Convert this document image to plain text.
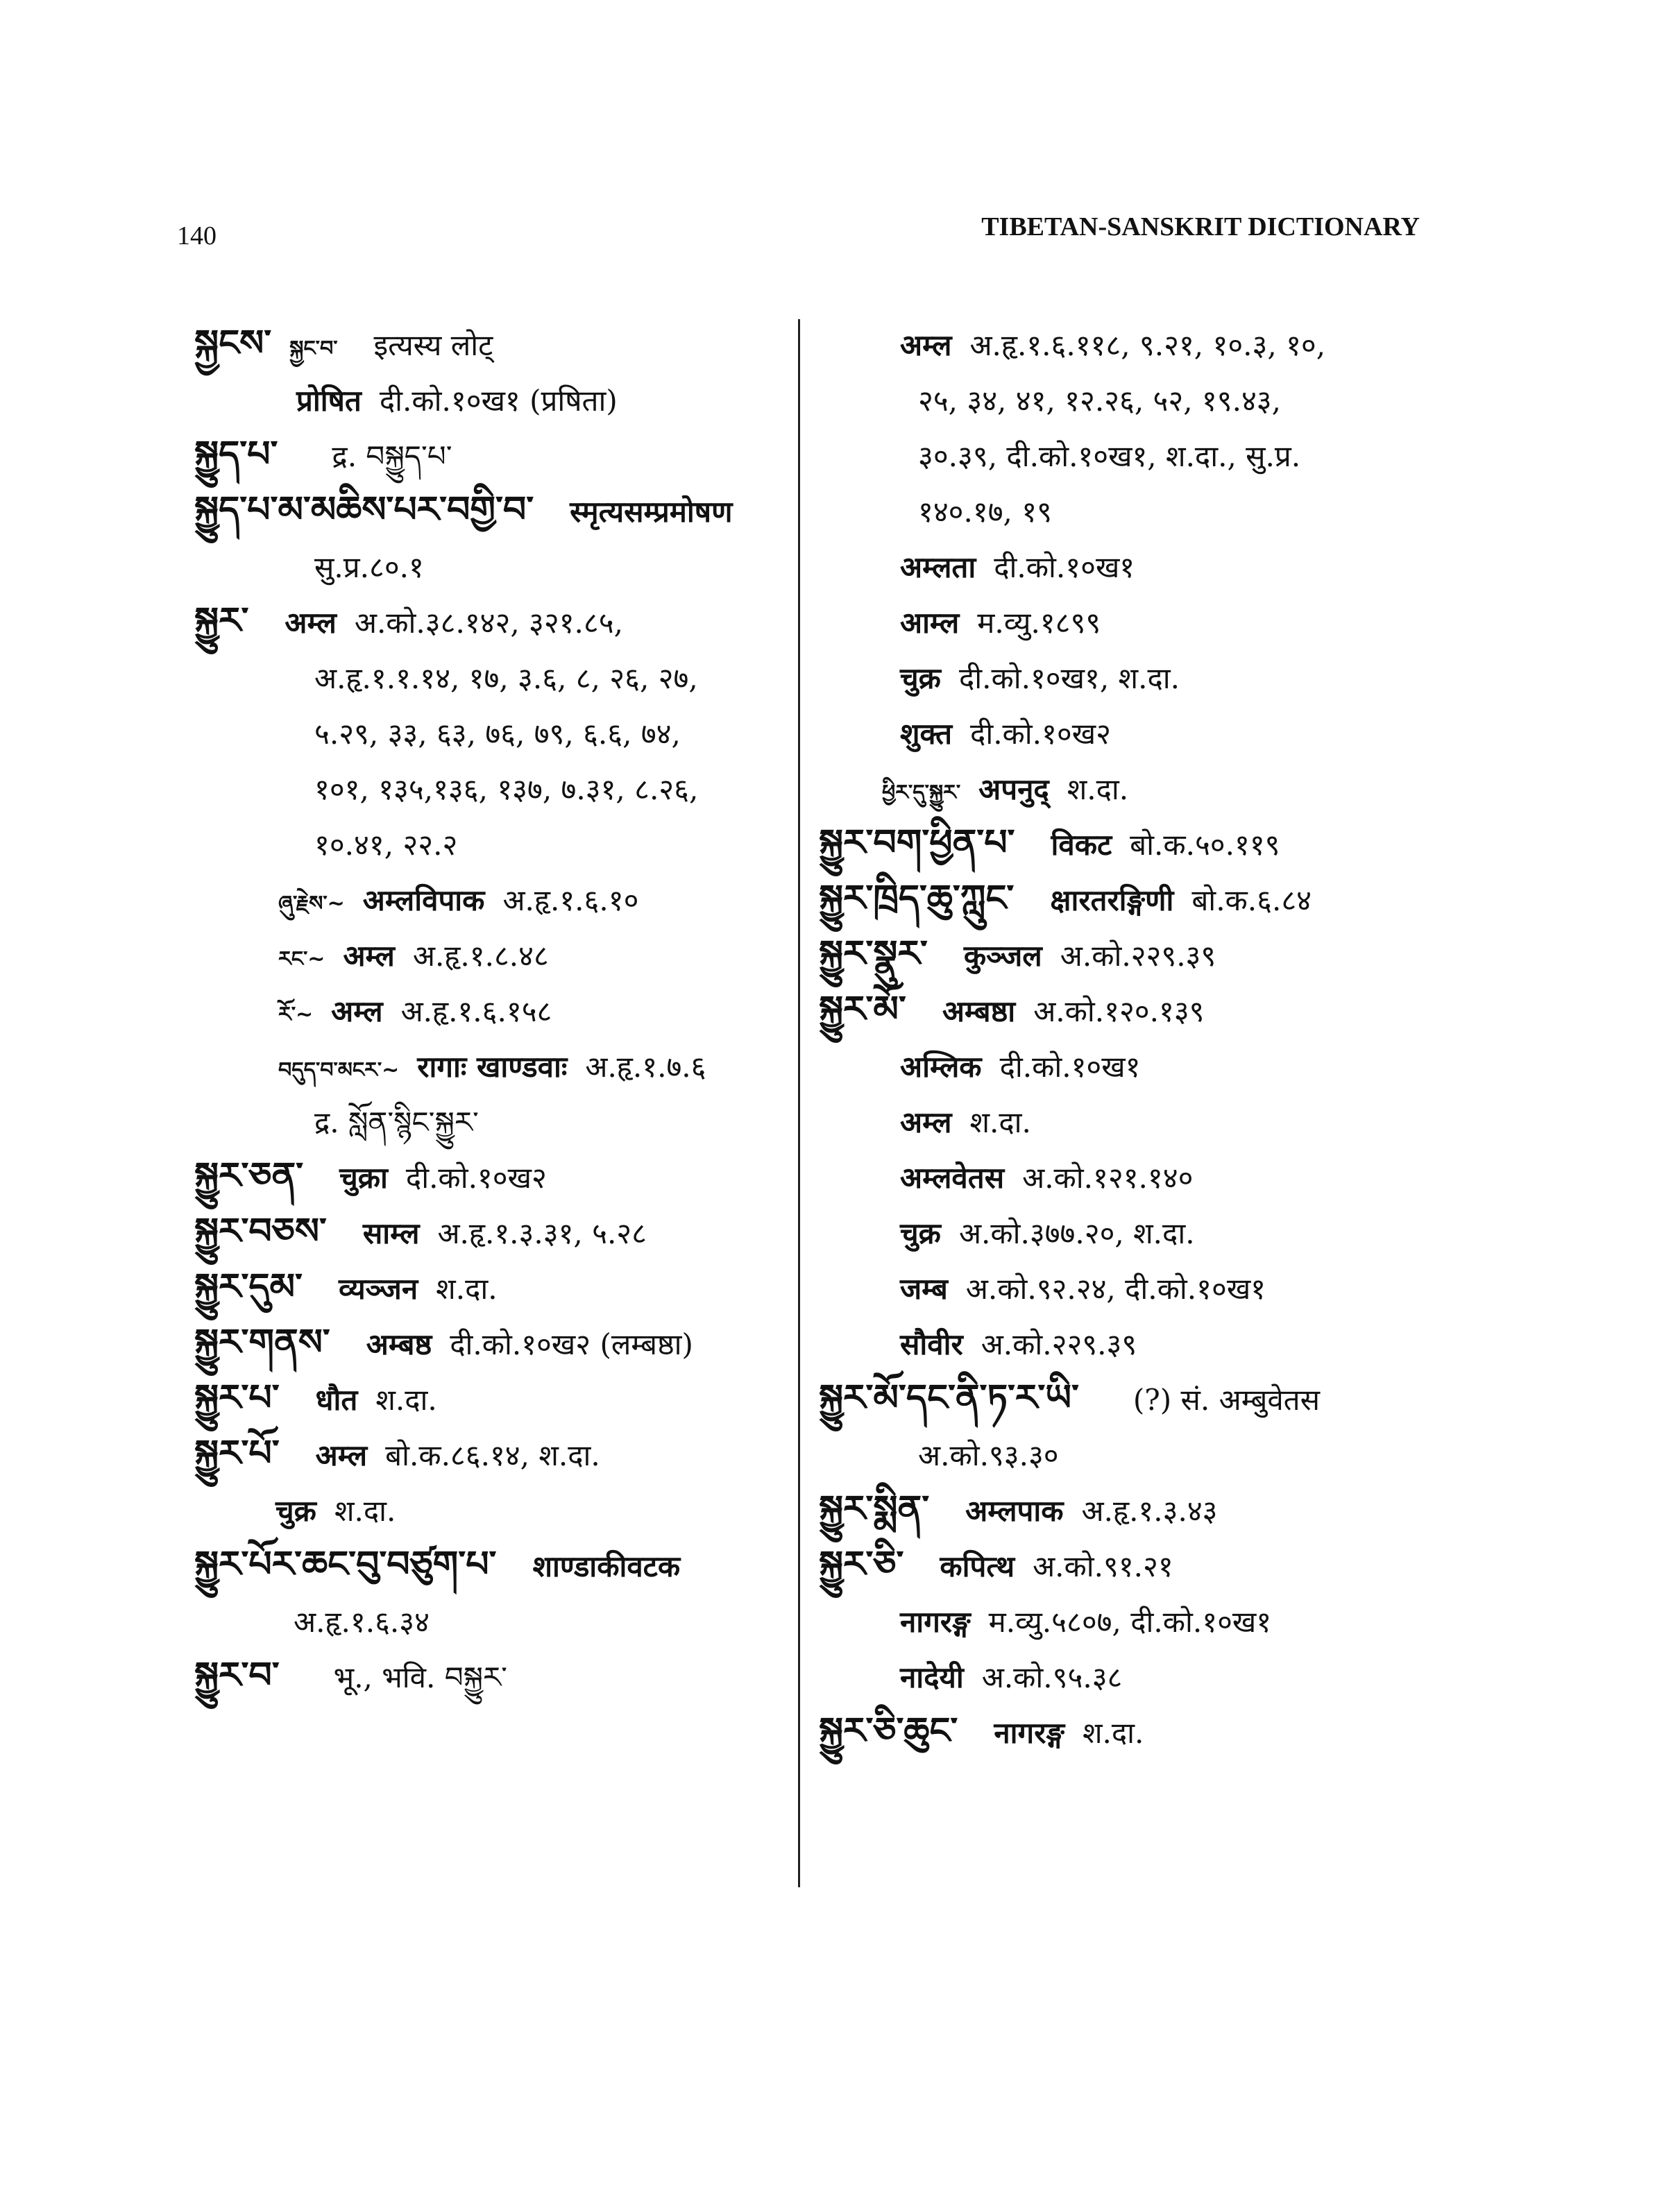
140	TIBETAN-SANSKRIT DICTIONARY
སྐྱངས་ སྐྱང་བ་ इत्यस्य लोट्
प्रोषित दी.को.१०ख१ (प्रषिता)
སྐྱུད་པ་ द्र. བསྐྱུད་པ་
སྐྱུད་པ་མ་མཆིས་པར་བགྱི་བ་ स्मृत्यसम्प्रमोषण
सु.प्र.८०.१
སྐྱུར་ अम्ल अ.को.३८.१४२, ३२१.८५,
अ.हृ.१.१.१४, १७, ३.६, ८, २६, २७,
५.२९, ३३, ६३, ७६, ७९, ६.६, ७४,
१०१, १३५,१३६, १३७, ७.३१, ८.२६,
१०.४१, २२.२
ཞུ་རྗེས་~ अम्लविपाक अ.हृ.१.६.१०
རང་~ अम्ल अ.हृ.१.८.४८
རོ་~ अम्ल अ.हृ.१.६.१५८
བདུད་བ་མངར་~ रागाः खाण्डवाः अ.हृ.१.७.६
द्र. སློན་སྙིང་སྐྱུར་
སྐྱུར་ཅན་ चुक्रा दी.को.१०ख२
སྐྱུར་བཅས་ साम्ल अ.हृ.१.३.३१, ५.२८
སྐྱུར་དུམ་ व्यञ्जन श.दा.
སྐྱུར་གནས་ अम्बष्ठ दी.को.१०ख२ (लम्बष्ठा)
སྐྱུར་པ་ धौत श.दा.
སྐྱུར་པོ་ अम्ल बो.क.८६.१४, श.दा.
चुक्र श.दा.
སྐྱུར་པོར་ཆང་བུ་བཙུག་པ་ शाण्डाकीवटक
अ.हृ.१.६.३४
སྐྱུར་བ་ भू., भवि. བསྐྱུར་
अम्ल अ.हृ.१.६.११८, ९.२१, १०.३, १०,
२५, ३४, ४१, १२.२६, ५२, १९.४३,
३०.३९, दी.को.१०ख१, श.दा., सु.प्र.
१४०.१७, १९
अम्लता दी.को.१०ख१
आम्ल म.व्यु.१८९९
चुक्र दी.को.१०ख१, श.दा.
शुक्त दी.को.१०ख२
ཕྱིར་དུ་སྐྱུར་ अपनुद् श.दा.
སྐྱུར་བག་ཕྱིན་པ་ विकट बो.क.५०.११९
སྐྱུར་ཁྲིད་ཆུ་ཀླུང་ क्षारतरङ्गिणी बो.क.६.८४
སྐྱུར་སྣུར་ कुञ्जल अ.को.२२९.३९
སྐྱུར་མོ་ अम्बष्ठा अ.को.१२०.१३९
अम्लिक दी.को.१०ख१
अम्ल श.दा.
अम्लवेतस अ.को.१२१.१४०
चुक्र अ.को.३७७.२०, श.दा.
जम्ब अ.को.९२.२४, दी.को.१०ख१
सौवीर अ.को.२२९.३९
སྐྱུར་མོ་དང་ནི་ཏ་ར་ཡི་ (?) सं. अम्बुवेतस
अ.को.९३.३०
སྐྱུར་སྨིན་ अम्लपाक अ.हृ.१.३.४३
སྐྱུར་ཅི་ कपित्थ अ.को.९१.२१
नागरङ्ग म.व्यु.५८०७, दी.को.१०ख१
नादेयी अ.को.९५.३८
སྐྱུར་ཅི་ཆུང་ नागरङ्ग श.दा.
